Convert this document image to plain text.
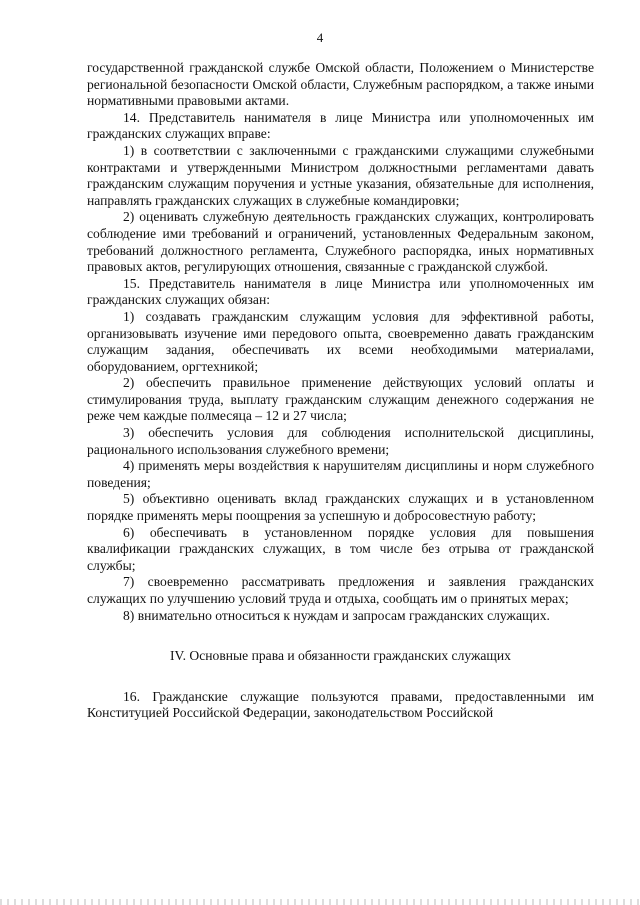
4

государственной гражданской службе Омской области, Положением о Министерстве региональной безопасности Омской области, Служебным распорядком, а также иными нормативными правовыми актами.

14. Представитель нанимателя в лице Министра или уполномоченных им гражданских служащих вправе:

1) в соответствии с заключенными с гражданскими служащими служебными контрактами и утвержденными Министром должностными регламентами давать гражданским служащим поручения и устные указания, обязательные для исполнения, направлять гражданских служащих в служебные командировки;

2) оценивать служебную деятельность гражданских служащих, контролировать соблюдение ими требований и ограничений, установленных Федеральным законом, требований должностного регламента, Служебного распорядка, иных нормативных правовых актов, регулирующих отношения, связанные с гражданской службой.

15. Представитель нанимателя в лице Министра или уполномоченных им гражданских служащих обязан:

1) создавать гражданским служащим условия для эффективной работы, организовывать изучение ими передового опыта, своевременно давать гражданским служащим задания, обеспечивать их всеми необходимыми материалами, оборудованием, оргтехникой;

2) обеспечить правильное применение действующих условий оплаты и стимулирования труда, выплату гражданским служащим денежного содержания не реже чем каждые полмесяца – 12 и 27 числа;

3) обеспечить условия для соблюдения исполнительской дисциплины, рационального использования служебного времени;

4) применять меры воздействия к нарушителям дисциплины и норм служебного поведения;

5) объективно оценивать вклад гражданских служащих и в установленном порядке применять меры поощрения за успешную и добросовестную работу;

6) обеспечивать в установленном порядке условия для повышения квалификации гражданских служащих, в том числе без отрыва от гражданской службы;

7) своевременно рассматривать предложения и заявления гражданских служащих по улучшению условий труда и отдыха, сообщать им о принятых мерах;

8) внимательно относиться к нуждам и запросам гражданских служащих.

IV. Основные права и обязанности гражданских служащих

16. Гражданские служащие пользуются правами, предоставленными им Конституцией Российской Федерации, законодательством Российской
